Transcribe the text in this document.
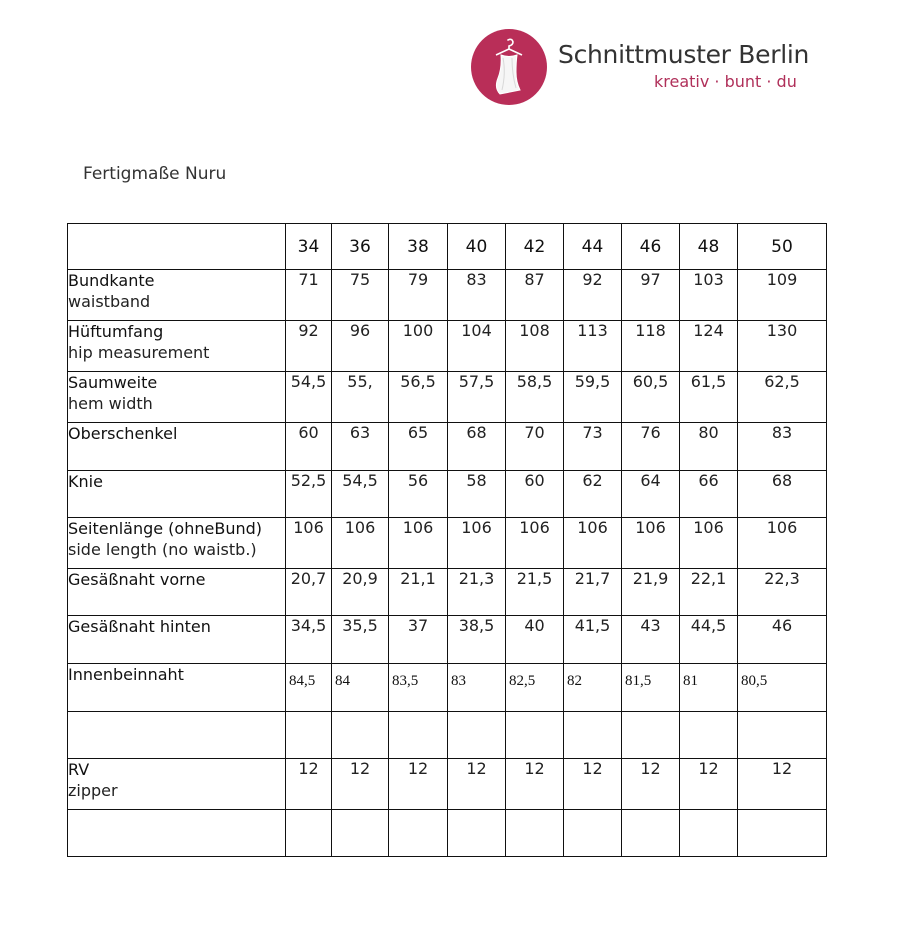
Schnittmuster Berlin
kreativ · bunt · du
Fertigmaße Nuru
	34	36	38	40	42	44	46	48	50

Bundkante
waistband	71	75	79	83	87	92	97	103	109

Hüftumfang
hip measurement	92	96	100	104	108	113	118	124	130

Saumweite
hem width	54,5	55,	56,5	57,5	58,5	59,5	60,5	61,5	62,5

Oberschenkel	60	63	65	68	70	73	76	80	83

Knie	52,5	54,5	56	58	60	62	64	66	68

Seitenlänge (ohneBund)
side length (no waistb.)	106	106	106	106	106	106	106	106	106

Gesäßnaht vorne	20,7	20,9	21,1	21,3	21,5	21,7	21,9	22,1	22,3

Gesäßnaht hinten	34,5	35,5	37	38,5	40	41,5	43	44,5	46

Innenbeinnaht	84,5	84	83,5	83	82,5	82	81,5	81	80,5

RV
zipper	12	12	12	12	12	12	12	12	12
